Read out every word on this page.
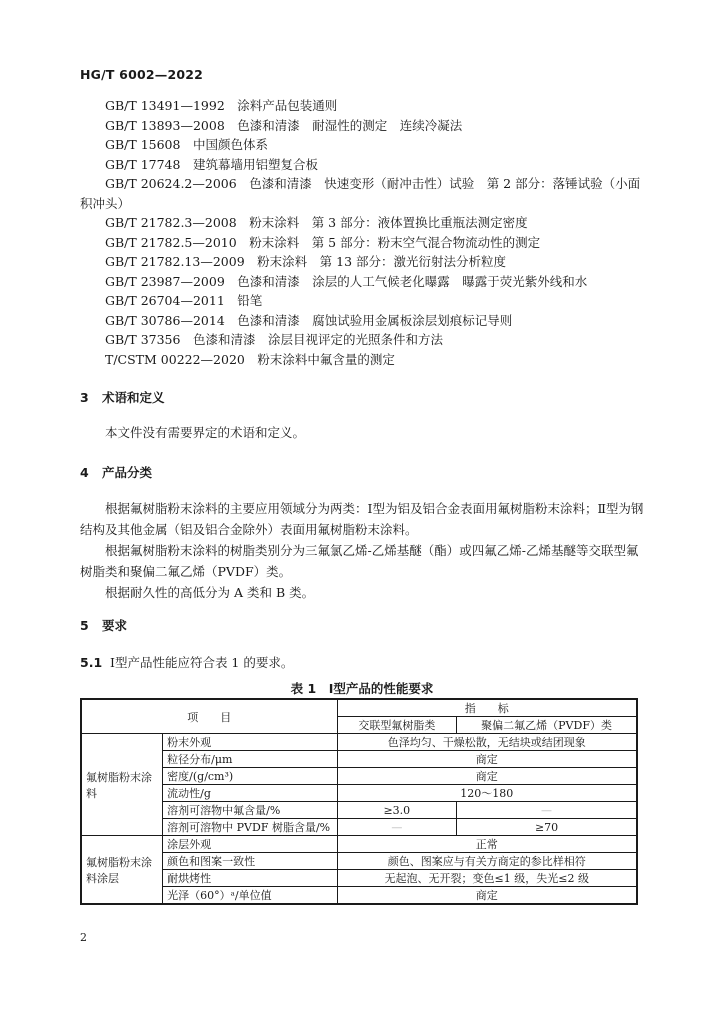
HG/T 6002—2022
GB/T 13491—1992　涂料产品包装通则
GB/T 13893—2008　色漆和清漆　耐湿性的测定　连续冷凝法
GB/T 15608　中国颜色体系
GB/T 17748　建筑幕墙用铝塑复合板
GB/T 20624.2—2006　色漆和清漆　快速变形（耐冲击性）试验　第 2 部分：落锤试验（小面积冲头）
GB/T 21782.3—2008　粉末涂料　第 3 部分：液体置换比重瓶法测定密度
GB/T 21782.5—2010　粉末涂料　第 5 部分：粉末空气混合物流动性的测定
GB/T 21782.13—2009　粉末涂料　第 13 部分：激光衍射法分析粒度
GB/T 23987—2009　色漆和清漆　涂层的人工气候老化曝露　曝露于荧光紫外线和水
GB/T 26704—2011　铅笔
GB/T 30786—2014　色漆和清漆　腐蚀试验用金属板涂层划痕标记导则
GB/T 37356　色漆和清漆　涂层目视评定的光照条件和方法
T/CSTM 00222—2020　粉末涂料中氟含量的测定
3 术语和定义

本文件没有需要界定的术语和定义。

4 产品分类

根据氟树脂粉末涂料的主要应用领域分为两类：Ⅰ型为铝及铝合金表面用氟树脂粉末涂料；Ⅱ型为钢结构及其他金属（铝及铝合金除外）表面用氟树脂粉末涂料。

根据氟树脂粉末涂料的树脂类别分为三氟氯乙烯-乙烯基醚（酯）或四氟乙烯-乙烯基醚等交联型氟树脂类和聚偏二氟乙烯（PVDF）类。

根据耐久性的高低分为 A 类和 B 类。

5 要求
5.1 Ⅰ型产品性能应符合表 1 的要求。
表 1　Ⅰ型产品的性能要求
项　　目		指　　标	
		交联型氟树脂类	聚偏二氟乙烯（PVDF）类
氟树脂粉末涂料	粉末外观	色泽均匀、干燥松散，无结块或结团现象	
	粒径分布/μm	商定	
	密度/(g/cm³)	商定	
	流动性/g	120～180	
	溶剂可溶物中氟含量/%	≥3.0	—
	溶剂可溶物中 PVDF 树脂含量/%	—	≥70
氟树脂粉末涂料涂层	涂层外观	正常	
	颜色和图案一致性	颜色、图案应与有关方商定的参比样相符	
	耐烘烤性	无起泡、无开裂；变色≤1 级，失光≤2 级	
	光泽（60°）ᵃ/单位值	商定	
2
